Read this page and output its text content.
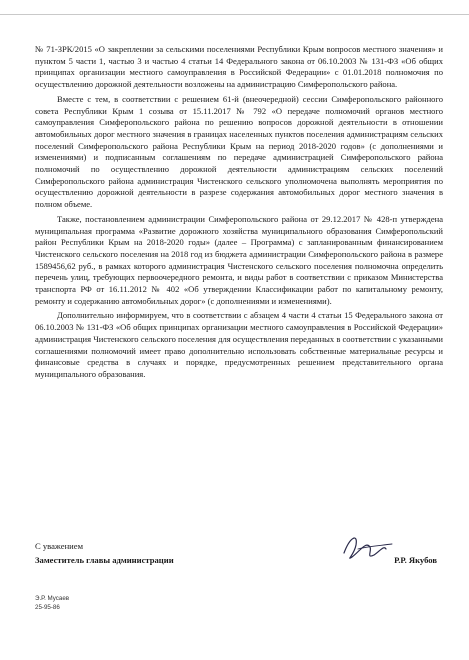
№ 71-ЗРК/2015 «О закреплении за сельскими поселениями Республики Крым вопросов местного значения» и пунктом 5 части 1, частью 3 и частью 4 статьи 14 Федерального закона от 06.10.2003 № 131-ФЗ «Об общих принципах организации местного самоуправления в Российской Федерации» с 01.01.2018 полномочия по осуществлению дорожной деятельности возложены на администрацию Симферопольского района.

Вместе с тем, в соответствии с решением 61-й (внеочередной) сессии Симферопольского районного совета Республики Крым 1 созыва от 15.11.2017 № 792 «О передаче полномочий органов местного самоуправления Симферопольского района по решению вопросов дорожной деятельности в отношении автомобильных дорог местного значения в границах населенных пунктов поселения администрациям сельских поселений Симферопольского района Республики Крым на период 2018-2020 годов» (с дополнениями и изменениями) и подписанным соглашениям по передаче администрацией Симферопольского района полномочий по осуществлению дорожной деятельности администрациям сельских поселений Симферопольского района администрация Чистенского сельского уполномочена выполнять мероприятия по осуществлению дорожной деятельности в разрезе содержания автомобильных дорог местного значения в полном объеме.

Также, постановлением администрации Симферопольского района от 29.12.2017 № 428-п утверждена муниципальная программа «Развитие дорожного хозяйства муниципального образования Симферопольский район Республики Крым на 2018-2020 годы» (далее – Программа) с запланированным финансированием Чистенского сельского поселения на 2018 год из бюджета администрации Симферопольского района в размере 1589456,62 руб., в рамках которого администрация Чистенского сельского поселения полномочна определить перечень улиц, требующих первоочередного ремонта, и виды работ в соответствии с приказом Министерства транспорта РФ от 16.11.2012 № 402 «Об утверждении Классификации работ по капитальному ремонту, ремонту и содержанию автомобильных дорог» (с дополнениями и изменениями).

Дополнительно информируем, что в соответствии с абзацем 4 части 4 статьи 15 Федерального закона от 06.10.2003 № 131-ФЗ «Об общих принципах организации местного самоуправления в Российской Федерации» администрация Чистенского сельского поселения для осуществления переданных в соответствии с указанными соглашениями полномочий имеет право дополнительно использовать собственные материальные ресурсы и финансовые средства в случаях и порядке, предусмотренных решением представительного органа муниципального образования.

С уважением
Заместитель главы администрации	Р.Р. Якубов
Э.Р. Мусаев
25-95-86
